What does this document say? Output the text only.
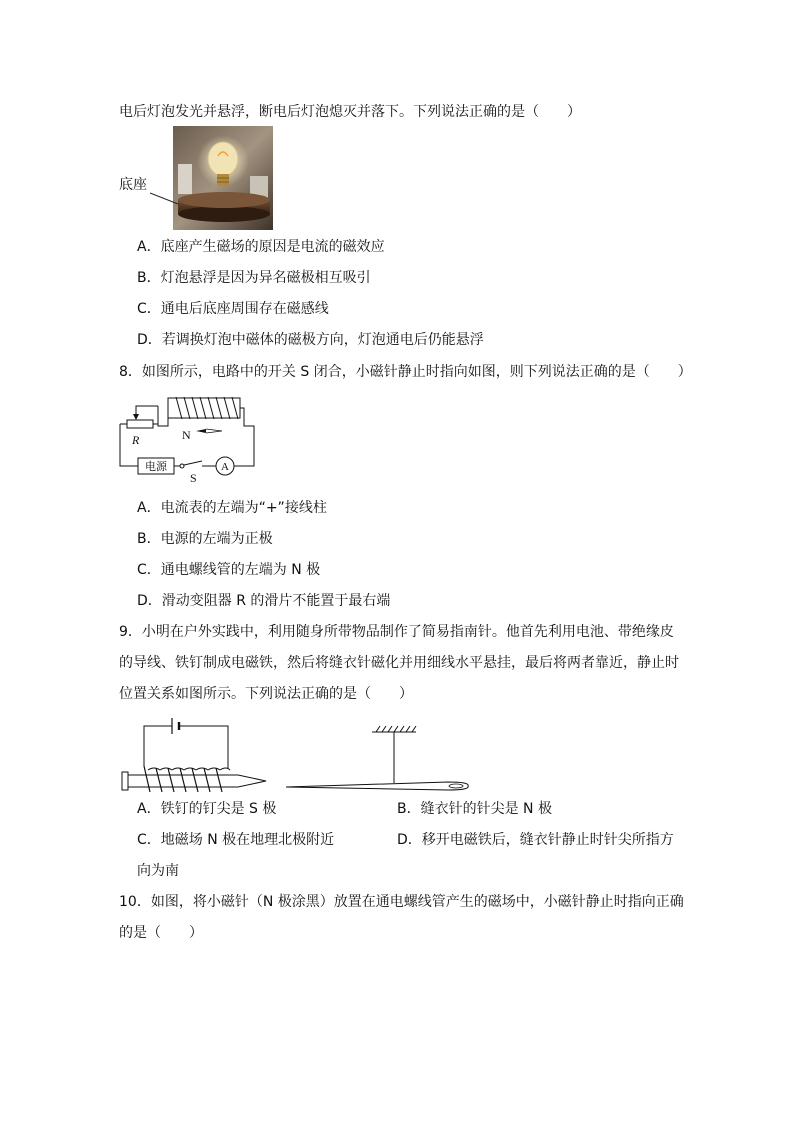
电后灯泡发光并悬浮，断电后灯泡熄灭并落下。下列说法正确的是（　　）
底座
A．底座产生磁场的原因是电流的磁效应
B．灯泡悬浮是因为异名磁极相互吸引
C．通电后底座周围存在磁感线
D．若调换灯泡中磁体的磁极方向，灯泡通电后仍能悬浮
8．如图所示，电路中的开关 S 闭合，小磁针静止时指向如图，则下列说法正确的是（　　）
R	N
电源
S
A
A．电流表的左端为“+”接线柱
B．电源的左端为正极
C．通电螺线管的左端为 N 极
D．滑动变阻器 R 的滑片不能置于最右端
9．小明在户外实践中，利用随身所带物品制作了简易指南针。他首先利用电池、带绝缘皮
的导线、铁钉制成电磁铁，然后将缝衣针磁化并用细线水平悬挂，最后将两者靠近，静止时
位置关系如图所示。下列说法正确的是（　　）
A．铁钉的钉尖是 S 极	B．缝衣针的针尖是 N 极
C．地磁场 N 极在地理北极附近	D．移开电磁铁后，缝衣针静止时针尖所指方
向为南
10．如图，将小磁针（N 极涂黑）放置在通电螺线管产生的磁场中，小磁针静止时指向正确
的是（　　）
